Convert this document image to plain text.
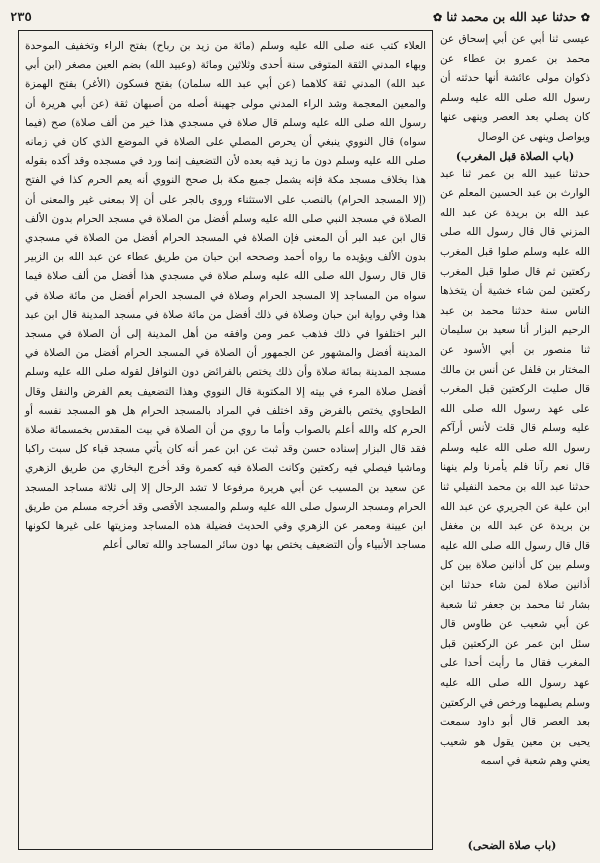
✿ حدثنا عبد الله بن محمد ثنا ✿
٢٣٥

عيسى ثنا أبي عن أبي إسحاق عن محمد بن عمرو بن عطاء عن ذكوان مولى عائشة أنها حدثته أن رسول الله صلى الله عليه وسلم كان يصلي بعد العصر وينهى عنها ويواصل وينهى عن الوصال

(باب الصلاة قبل المغرب)

حدثنا عبيد الله بن عمر ثنا عبد الوارث بن عبد الحسين المعلم عن عبد الله بن بريدة عن عبد الله المزني قال قال رسول الله صلى الله عليه وسلم صلوا قبل المغرب ركعتين ثم قال صلوا قبل المغرب ركعتين لمن شاء خشية أن يتخذها الناس سنة حدثنا محمد بن عبد الرحيم البزار أنا سعيد بن سليمان ثنا منصور بن أبي الأسود عن المختار بن فلفل عن أنس بن مالك قال صليت الركعتين قبل المغرب على عهد رسول الله صلى الله عليه وسلم قال قلت لأنس أرآكم رسول الله صلى الله عليه وسلم قال نعم رآنا فلم يأمرنا ولم ينهنا حدثنا عبد الله بن محمد النفيلي ثنا ابن علية عن الجريري عن عبد الله بن بريدة عن عبد الله بن مغفل قال قال رسول الله صلى الله عليه وسلم بين كل أذانين صلاة بين كل أذانين صلاة لمن شاء حدثنا ابن بشار ثنا محمد بن جعفر ثنا شعبة عن أبي شعيب عن طاوس قال سئل ابن عمر عن الركعتين قبل المغرب فقال ما رأيت أحدا على عهد رسول الله صلى الله عليه وسلم يصليهما ورخص في الركعتين بعد العصر قال أبو داود سمعت يحيى بن معين يقول هو شعيب يعني وهم شعبة في اسمه

العلاء كتب عنه صلى الله عليه وسلم (مائة من زيد بن رباح) بفتح الراء وتخفيف الموحدة وبهاء المدني الثقة المتوفى سنة أحدى وثلاثين ومائة (وعبيد الله) بضم العين مصغر (ابن أبي عبد الله) المدني ثقة كلاهما (عن أبي عبد الله سلمان) بفتح فسكون (الأغر) بفتح الهمزة والمعين المعجمة وشد الراء المدني مولى جهينة أصله من أصبهان ثقة (عن أبي هريرة أن رسول الله صلى الله عليه وسلم قال صلاة في مسجدي هذا خير من ألف صلاة) صح (فيما سواه) قال النووي ينبغي أن يحرص المصلي على الصلاة في الموضع الذي كان في زمانه صلى الله عليه وسلم دون ما زيد فيه بعده لأن التضعيف إنما ورد في مسجده وقد أكده بقوله هذا بخلاف مسجد مكة فإنه يشمل جميع مكة بل صحح النووي أنه يعم الحرم كذا في الفتح (إلا المسجد الحرام) بالنصب على الاستثناء وروى بالجر على أن إلا بمعنى غير والمعنى أن الصلاة في مسجد النبي صلى الله عليه وسلم أفضل من الصلاة في مسجد الحرام بدون الألف قال ابن عبد البر أن المعنى فإن الصلاة في المسجد الحرام أفضل من الصلاة في مسجدي بدون الألف ويؤيده ما رواه أحمد وصححه ابن حبان من طريق عطاء عن عبد الله بن الزبير قال قال رسول الله صلى الله عليه وسلم صلاة في مسجدي هذا أفضل من ألف صلاة فيما سواه من المساجد إلا المسجد الحرام وصلاة في المسجد الحرام أفضل من مائة صلاة في هذا وفي رواية ابن حبان وصلاة في ذلك أفضل من مائة صلاة في مسجد المدينة قال ابن عبد البر اختلفوا في ذلك فذهب عمر ومن وافقه من أهل المدينة إلى أن الصلاة في مسجد المدينة أفضل والمشهور عن الجمهور أن الصلاة في المسجد الحرام أفضل من الصلاة في مسجد المدينة بمائة صلاة وأن ذلك يختص بالفرائض دون النوافل لقوله صلى الله عليه وسلم أفضل صلاة المرء في بيته إلا المكتوبة قال النووي وهذا التضعيف يعم الفرض والنفل وقال الطحاوي يختص بالفرض وقد اختلف في المراد بالمسجد الحرام هل هو المسجد نفسه أو الحرم كله والله أعلم بالصواب وأما ما روي من أن الصلاة في بيت المقدس بخمسمائة صلاة فقد قال البزار إسناده حسن وقد ثبت عن ابن عمر أنه كان يأتي مسجد قباء كل سبت راكبا وماشيا فيصلي فيه ركعتين وكانت الصلاة فيه كعمرة وقد أخرج البخاري من طريق الزهري عن سعيد بن المسيب عن أبي هريرة مرفوعا لا تشد الرحال إلا إلى ثلاثة مساجد المسجد الحرام ومسجد الرسول صلى الله عليه وسلم والمسجد الأقصى وقد أخرجه مسلم من طريق ابن عيينة ومعمر عن الزهري وفي الحديث فضيلة هذه المساجد ومزيتها على غيرها لكونها مساجد الأنبياء وأن التضعيف يختص بها دون سائر المساجد والله تعالى أعلم

(باب صلاة الضحى)
